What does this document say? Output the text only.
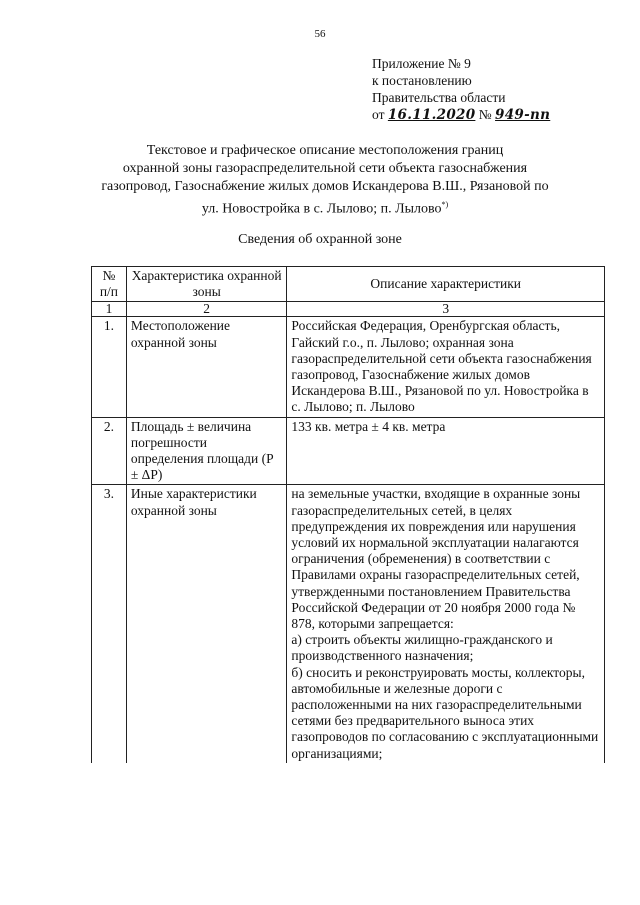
56
Приложение № 9
к постановлению
Правительства области
от 16.11.2020 № 949-пп
Текстовое и графическое описание местоположения границ
охранной зоны газораспределительной сети объекта газоснабжения
газопровод, Газоснабжение жилых домов Искандерова В.Ш., Рязановой по
ул. Новостройка в с. Лылово; п. Лылово*)
Сведения об охранной зоне
№ п/п	Характеристика охранной зоны	Описание характеристики
1	2	3
1.	Местоположение охранной зоны	Российская Федерация, Оренбургская область, Гайский г.о., п. Лылово; охранная зона газораспределительной сети объекта газоснабжения газопровод, Газоснабжение жилых домов Искандерова В.Ш., Рязановой по ул. Новостройка в с. Лылово; п. Лылово
2.	Площадь ± величина погрешности определения площади (P ± ΔP)	133 кв. метра ± 4 кв. метра
3.	Иные характеристики охранной зоны	на земельные участки, входящие в охранные зоны газораспределительных сетей, в целях предупреждения их повреждения или нарушения условий их нормальной эксплуатации налагаются ограничения (обременения) в соответствии с Правилами охраны газораспределительных сетей, утвержденными постановлением Правительства Российской Федерации от 20 ноября 2000 года № 878, которыми запрещается:
а) строить объекты жилищно-гражданского и производственного назначения;
б) сносить и реконструировать мосты, коллекторы, автомобильные и железные дороги с расположенными на них газораспределительными сетями без предварительного выноса этих газопроводов по согласованию с эксплуатационными организациями;
